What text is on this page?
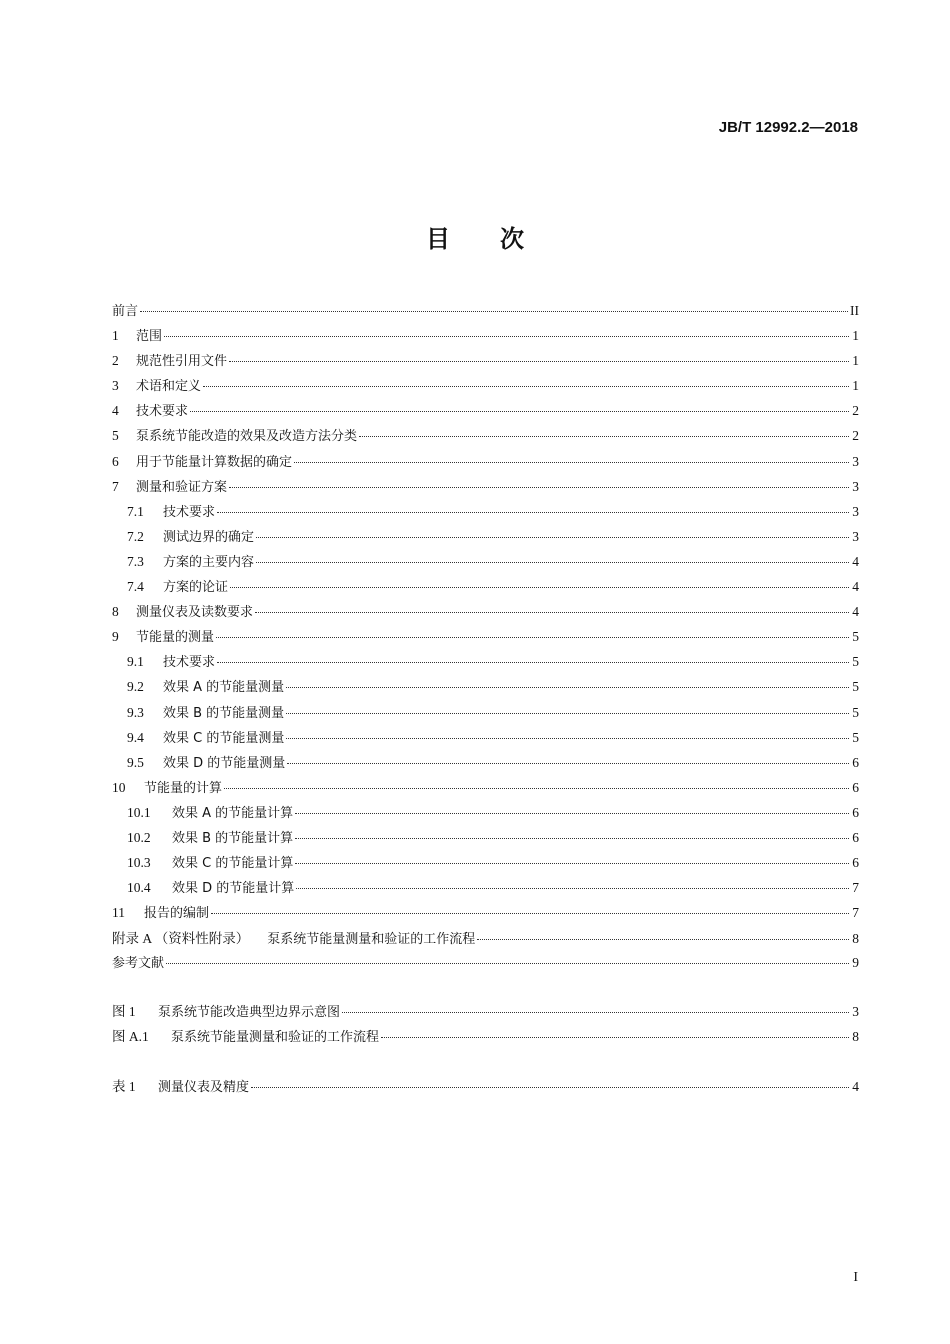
JB/T 12992.2—2018
目 次
前言	II
1	范围	1
2	规范性引用文件	1
3	术语和定义	1
4	技术要求	2
5	泵系统节能改造的效果及改造方法分类	2
6	用于节能量计算数据的确定	3
7	测量和验证方案	3
7.1	技术要求	3
7.2	测试边界的确定	3
7.3	方案的主要内容	4
7.4	方案的论证	4
8	测量仪表及读数要求	4
9	节能量的测量	5
9.1	技术要求	5
9.2	效果 A 的节能量测量	5
9.3	效果 B 的节能量测量	5
9.4	效果 C 的节能量测量	5
9.5	效果 D 的节能量测量	6
10	节能量的计算	6
10.1	效果 A 的节能量计算	6
10.2	效果 B 的节能量计算	6
10.3	效果 C 的节能量计算	6
10.4	效果 D 的节能量计算	7
11	报告的编制	7
附录 A （资料性附录） 泵系统节能量测量和验证的工作流程	8
参考文献	9
图 1	泵系统节能改造典型边界示意图	3
图 A.1	泵系统节能量测量和验证的工作流程	8
表 1	测量仪表及精度	4
I
